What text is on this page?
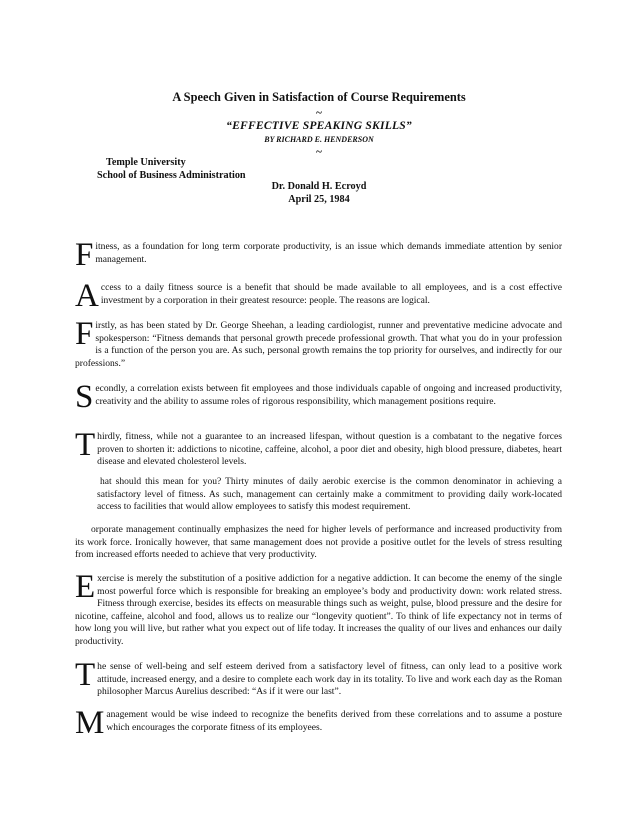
A Speech Given in Satisfaction of Course Requirements
~
“EFFECTIVE SPEAKING SKILLS”
BY RICHARD E. HENDERSON
~
Temple University
School of Business Administration
Dr. Donald H. Ecroyd
April 25, 1984
F itness, as a foundation for long term corporate productivity, is an issue which demands immediate attention by senior management.
A ccess to a daily fitness source is a benefit that should be made available to all employees, and is a cost effective investment by a corporation in their greatest resource: people. The reasons are logical.
F irstly, as has been stated by Dr. George Sheehan, a leading cardiologist, runner and preventative medicine advocate and spokesperson: “Fitness demands that personal growth precede professional growth. That what you do in your profession is a function of the person you are. As such, personal growth remains the top priority for ourselves, and indirectly for our professions.”
S econdly, a correlation exists between fit employees and those individuals capable of ongoing and increased productivity, creativity and the ability to assume roles of rigorous responsibility, which management positions require.
T hirdly, fitness, while not a guarantee to an increased lifespan, without question is a combatant to the negative forces proven to shorten it: addictions to nicotine, caffeine, alcohol, a poor diet and obesity, high blood pressure, diabetes, heart disease and elevated cholesterol levels.
hat should this mean for you? Thirty minutes of daily aerobic exercise is the common denominator in achieving a satisfactory level of fitness. As such, management can certainly make a commitment to providing daily work-located access to facilities that would allow employees to satisfy this modest requirement.
orporate management continually emphasizes the need for higher levels of performance and increased productivity from its work force. Ironically however, that same management does not provide a positive outlet for the levels of stress resulting from increased efforts needed to achieve that very productivity.
E xercise is merely the substitution of a positive addiction for a negative addiction. It can become the enemy of the single most powerful force which is responsible for breaking an employee’s body and productivity down: work related stress. Fitness through exercise, besides its effects on measurable things such as weight, pulse, blood pressure and the desire for nicotine, caffeine, alcohol and food, allows us to realize our “longevity quotient”. To think of life expectancy not in terms of how long you will live, but rather what you expect out of life today. It increases the quality of our lives and enhances our daily productivity.
T he sense of well-being and self esteem derived from a satisfactory level of fitness, can only lead to a positive work attitude, increased energy, and a desire to complete each work day in its totality. To live and work each day as the Roman philosopher Marcus Aurelius described: “As if it were our last”.
M anagement would be wise indeed to recognize the benefits derived from these correlations and to assume a posture which encourages the corporate fitness of its employees.
